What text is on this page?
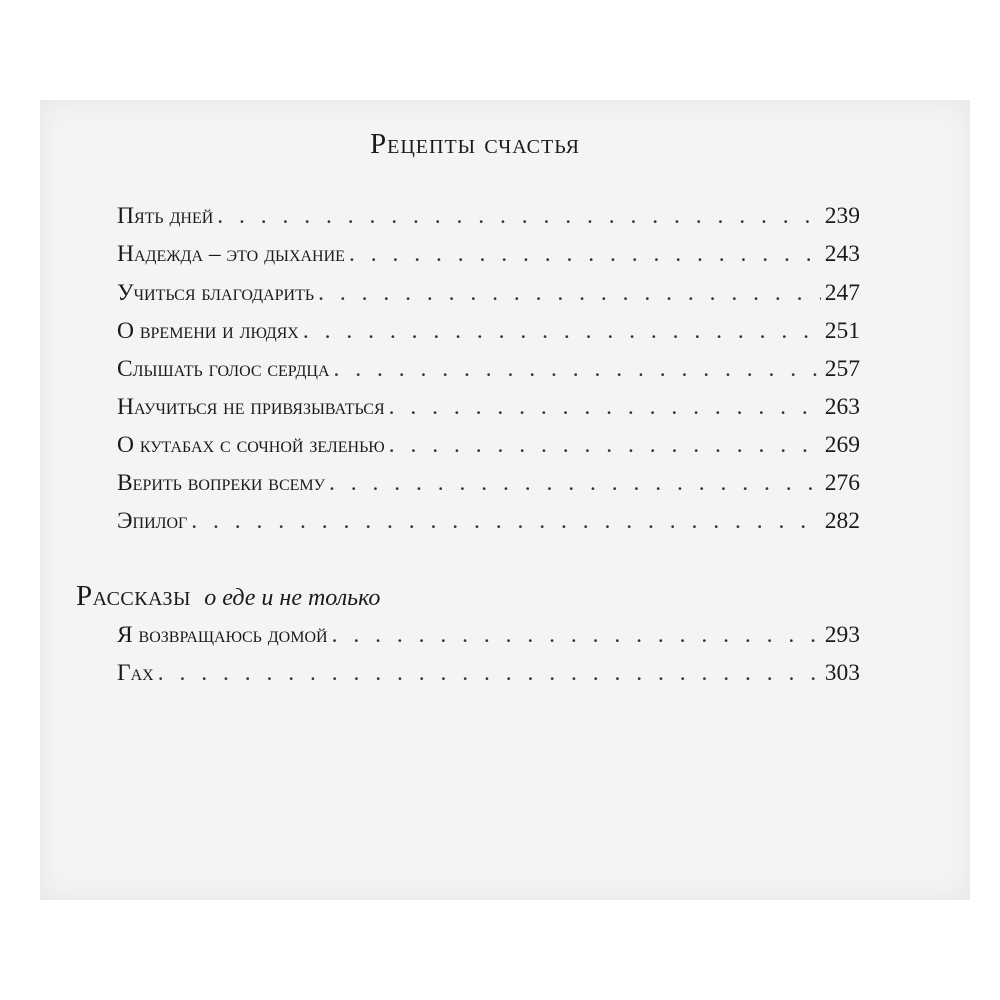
Рецепты счастья
Пять дней . . .	239
Надежда – это дыхание . . .	243
Учиться благодарить . . .	247
О времени и людях . . .	251
Слышать голос сердца . . .	257
Научиться не привязываться . . .	263
О кутабах с сочной зеленью . . .	269
Верить вопреки всему . . .	276
Эпилог . . .	282
Рассказы о еде и не только
Я возвращаюсь домой . . .	293
Гах . . .	303
